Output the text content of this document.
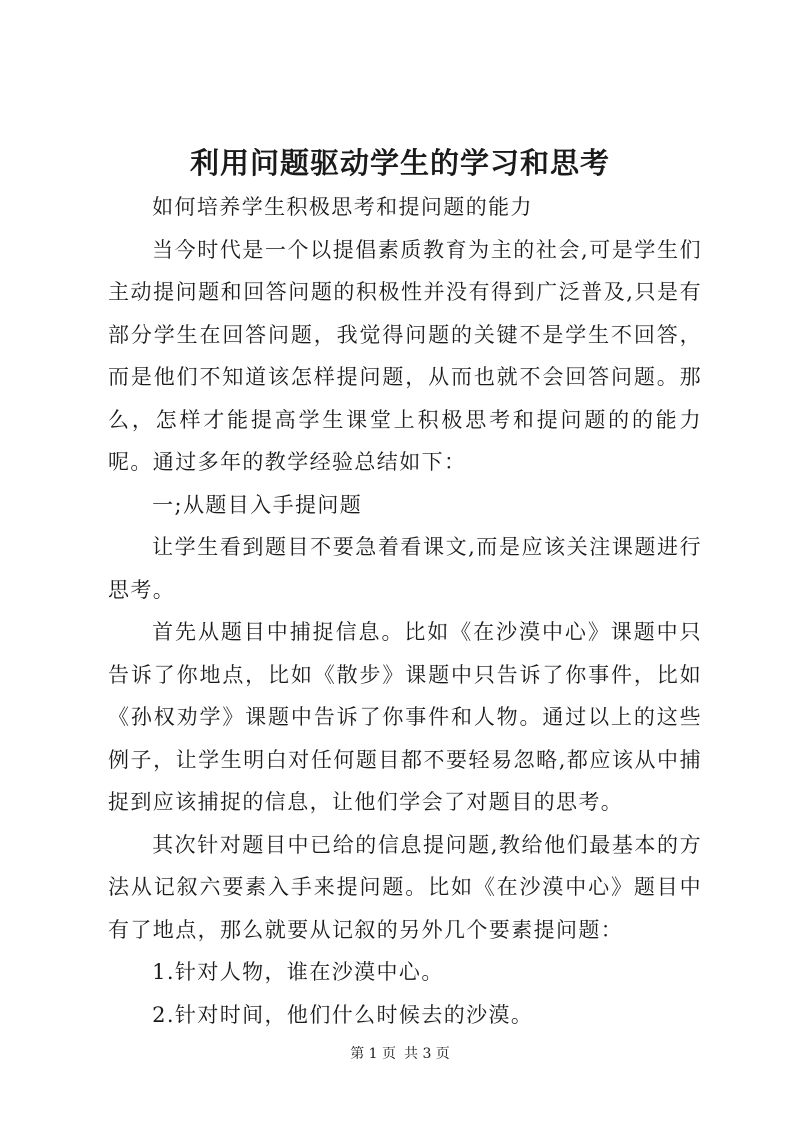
利用问题驱动学生的学习和思考

如何培养学生积极思考和提问题的能力

当今时代是一个以提倡素质教育为主的社会,可是学生们主动提问题和回答问题的积极性并没有得到广泛普及,只是有部分学生在回答问题，我觉得问题的关键不是学生不回答，而是他们不知道该怎样提问题，从而也就不会回答问题。那么，怎样才能提高学生课堂上积极思考和提问题的的能力呢。通过多年的教学经验总结如下：

一;从题目入手提问题

让学生看到题目不要急着看课文,而是应该关注课题进行思考。

首先从题目中捕捉信息。比如《在沙漠中心》课题中只告诉了你地点，比如《散步》课题中只告诉了你事件，比如《孙权劝学》课题中告诉了你事件和人物。通过以上的这些例子，让学生明白对任何题目都不要轻易忽略,都应该从中捕捉到应该捕捉的信息，让他们学会了对题目的思考。

其次针对题目中已给的信息提问题,教给他们最基本的方法从记叙六要素入手来提问题。比如《在沙漠中心》题目中有了地点，那么就要从记叙的另外几个要素提问题：

1.针对人物，谁在沙漠中心。

2.针对时间，他们什么时候去的沙漠。

第 1 页 共 3 页
